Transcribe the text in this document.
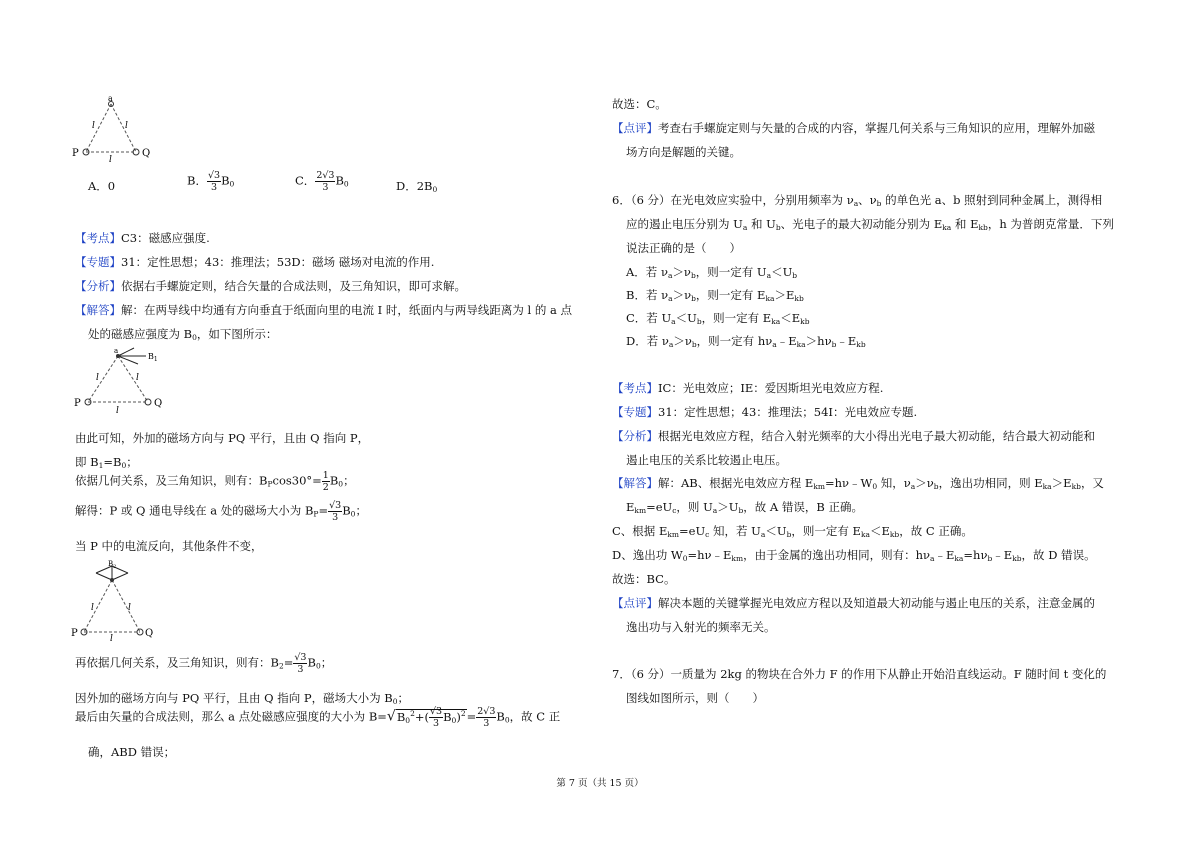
a
P	Q
l	l
l
A．0	B． $\frac{√3}{3} B_0$	C． $\frac{2√3}{3} B_0$	D．$2B_0$
【考点】C3：磁感应强度.
【专题】31：定性思想；43：推理法；53D：磁场 磁场对电流的作用.
【分析】依据右手螺旋定则，结合矢量的合成法则，及三角知识，即可求解。
【解答】解：在两导线中均通有方向垂直于纸面向里的电流 I 时，纸面内与两导线距离为 l 的 a 点
处的磁感应强度为 $B_0$，如下图所示：
$B_1$
a
P	Q
l	l
l
由此可知，外加的磁场方向与 PQ 平行，且由 Q 指向 P，
即 $B_1=B_0$；
依据几何关系，及三角知识，则有：$B_P\cos 30^\circ= \frac{1}{2} B_0$；
解得：P 或 Q 通电导线在 a 处的磁场大小为 $B_P= \frac{√3}{3} B_0$；
当 P 中的电流反向，其他条件不变，
$B_2$
P	Q
l	l
l
再依据几何关系，及三角知识，则有：$B_2= \frac{√3}{3} B_0$；
因外加的磁场方向与 PQ 平行，且由 Q 指向 P，磁场大小为 $B_0$；
最后由矢量的合成法则，那么 a 点处磁感应强度的大小为 $B=√B_0^2+( \frac{√3}{3} B_0)^2= \frac{2√3}{3} B_0$，故 C 正
确，ABD 错误；
故选：C。
【点评】考查右手螺旋定则与矢量的合成的内容，掌握几何关系与三角知识的应用，理解外加磁
场方向是解题的关键。
6．（6 分）在光电效应实验中，分别用频率为 $\nu_a$、$\nu_b$ 的单色光 a、b 照射到同种金属上，测得相
应的遏止电压分别为 $U_a$ 和 $U_b$、光电子的最大初动能分别为 $E_{ka}$ 和 $E_{kb}$，h 为普朗克常量．下列
说法正确的是（　　）
A．若 $\nu_a>\nu_b$，则一定有 $U_a<U_b$
B．若 $\nu_a>\nu_b$，则一定有 $E_{ka}>E_{kb}$
C．若 $U_a<U_b$，则一定有 $E_{ka}<E_{kb}$
D．若 $\nu_a>\nu_b$，则一定有 $h\nu_a﹣E_{ka}>h\nu_b﹣E_{kb}$
【考点】IC：光电效应；IE：爱因斯坦光电效应方程.
【专题】31：定性思想；43：推理法；54I：光电效应专题.
【分析】根据光电效应方程，结合入射光频率的大小得出光电子最大初动能，结合最大初动能和
遏止电压的关系比较遏止电压。
【解答】解：AB、根据光电效应方程 $E_{km}=h\nu﹣W_0$ 知，$\nu_a>\nu_b$，逸出功相同，则 $E_{ka}>E_{kb}$，又
$E_{km}=eU_c$，则 $U_a>U_b$，故 A 错误，B 正确。
C、根据 $E_{km}=eU_c$ 知，若 $U_a<U_b$，则一定有 $E_{ka}<E_{kb}$，故 C 正确。
D、逸出功 $W_0=h\nu﹣E_{km}$，由于金属的逸出功相同，则有：$h\nu_a﹣E_{ka}=h\nu_b﹣E_{kb}$，故 D 错误。
故选：BC。
【点评】解决本题的关键掌握光电效应方程以及知道最大初动能与遏止电压的关系，注意金属的
逸出功与入射光的频率无关。
7．（6 分）一质量为 2kg 的物块在合外力 F 的作用下从静止开始沿直线运动。F 随时间 t 变化的
图线如图所示，则（　　）
第 7 页（共 15 页）
